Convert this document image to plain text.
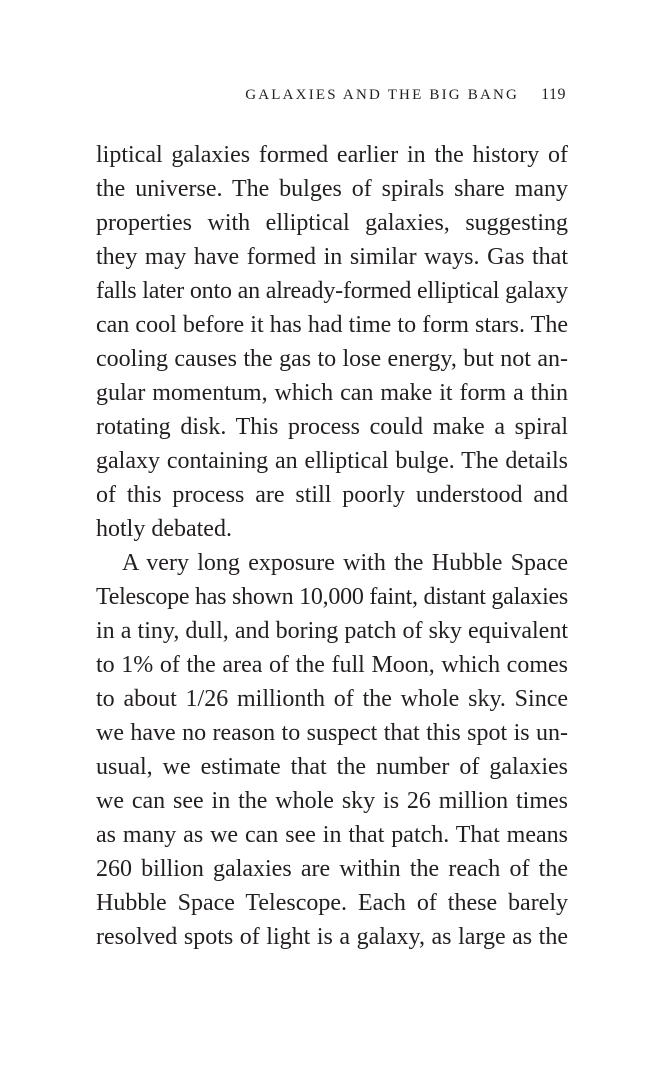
GALAXIES AND THE BIG BANG 119
liptical galaxies formed earlier in the history of
the universe. The bulges of spirals share many
properties with elliptical galaxies, suggesting
they may have formed in similar ways. Gas that
falls later onto an already-formed elliptical galaxy
can cool before it has had time to form stars. The
cooling causes the gas to lose energy, but not an-
gular momentum, which can make it form a thin
rotating disk. This process could make a spiral
galaxy containing an elliptical bulge. The details
of this process are still poorly understood and
hotly debated.
A very long exposure with the Hubble Space
Telescope has shown 10,000 faint, distant galaxies
in a tiny, dull, and boring patch of sky equivalent
to 1% of the area of the full Moon, which comes
to about 1/26 millionth of the whole sky. Since
we have no reason to suspect that this spot is un-
usual, we estimate that the number of galaxies
we can see in the whole sky is 26 million times
as many as we can see in that patch. That means
260 billion galaxies are within the reach of the
Hubble Space Telescope. Each of these barely
resolved spots of light is a galaxy, as large as the
